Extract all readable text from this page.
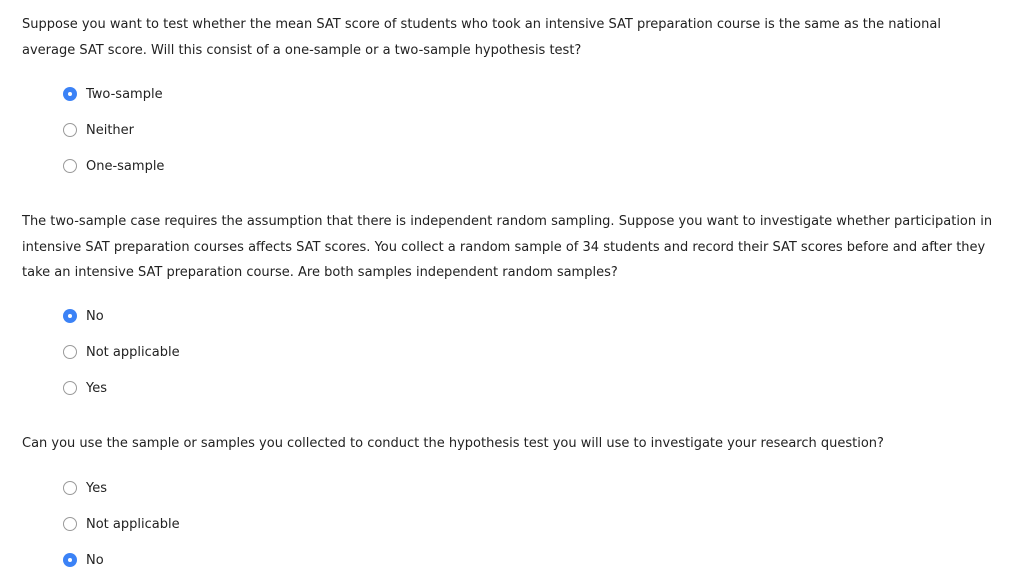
Suppose you want to test whether the mean SAT score of students who took an intensive SAT preparation course is the same as the national average SAT score. Will this consist of a one-sample or a two-sample hypothesis test?

Two-sample
Neither
One-sample

The two-sample case requires the assumption that there is independent random sampling. Suppose you want to investigate whether participation in intensive SAT preparation courses affects SAT scores. You collect a random sample of 34 students and record their SAT scores before and after they take an intensive SAT preparation course. Are both samples independent random samples?

No
Not applicable
Yes

Can you use the sample or samples you collected to conduct the hypothesis test you will use to investigate your research question?

Yes
Not applicable
No
